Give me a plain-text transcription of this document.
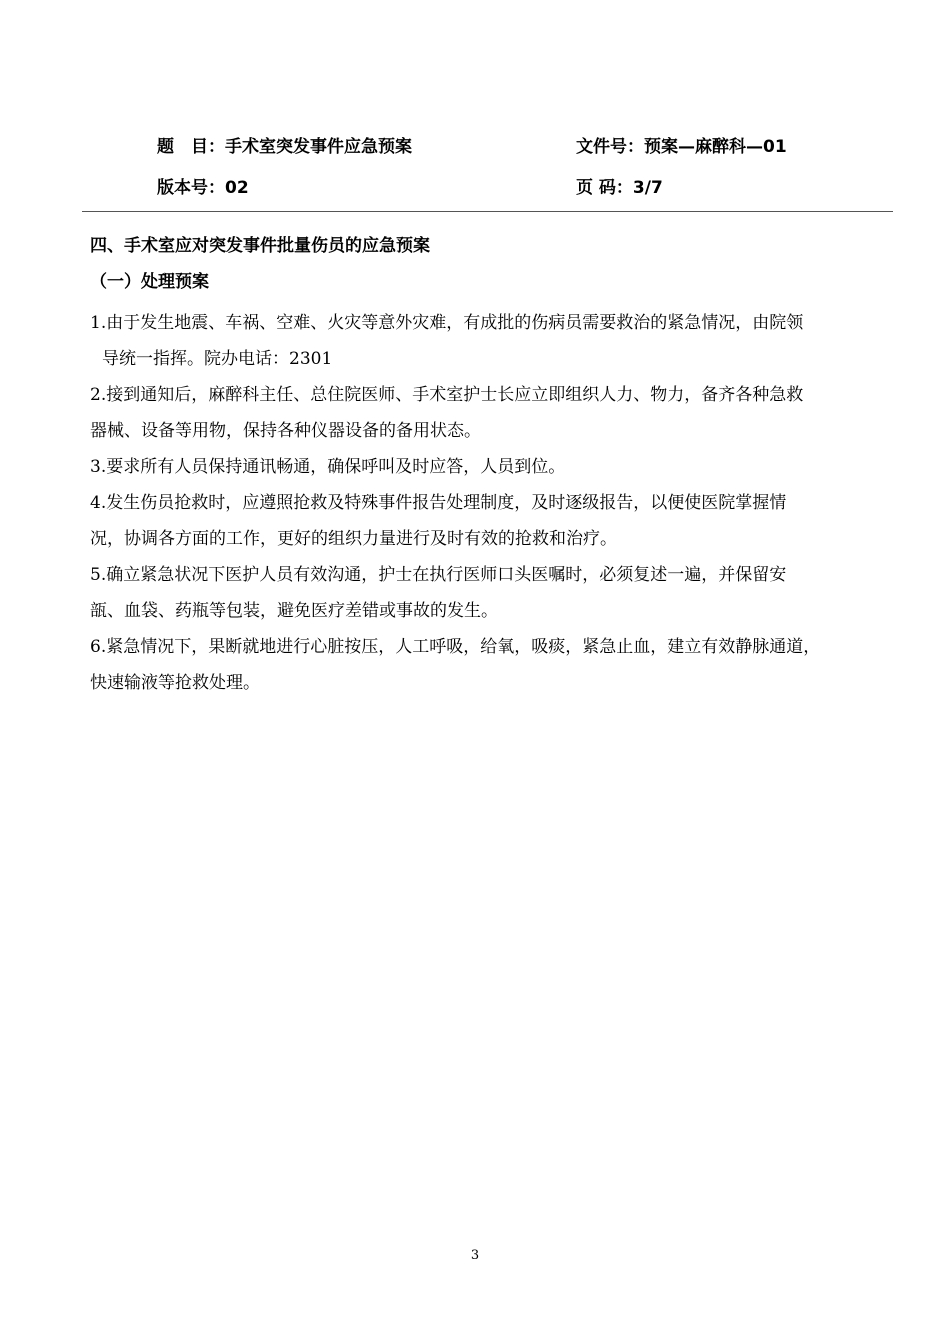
题　目：手术室突发事件应急预案	文件号：预案—麻醉科—01
版本号：02	页 码：3/7
四、手术室应对突发事件批量伤员的应急预案
（一）处理预案

1.由于发生地震、车祸、空难、火灾等意外灾难，有成批的伤病员需要救治的紧急情况，由院领
导统一指挥。院办电话：2301

2.接到通知后，麻醉科主任、总住院医师、手术室护士长应立即组织人力、物力，备齐各种急救
器械、设备等用物，保持各种仪器设备的备用状态。

3.要求所有人员保持通讯畅通，确保呼叫及时应答，人员到位。

4.发生伤员抢救时，应遵照抢救及特殊事件报告处理制度，及时逐级报告，以便使医院掌握情
况，协调各方面的工作，更好的组织力量进行及时有效的抢救和治疗。

5.确立紧急状况下医护人员有效沟通，护士在执行医师口头医嘱时，必须复述一遍，并保留安
瓿、血袋、药瓶等包装，避免医疗差错或事故的发生。

6.紧急情况下，果断就地进行心脏按压，人工呼吸，给氧，吸痰，紧急止血，建立有效静脉通道，
快速输液等抢救处理。

3
